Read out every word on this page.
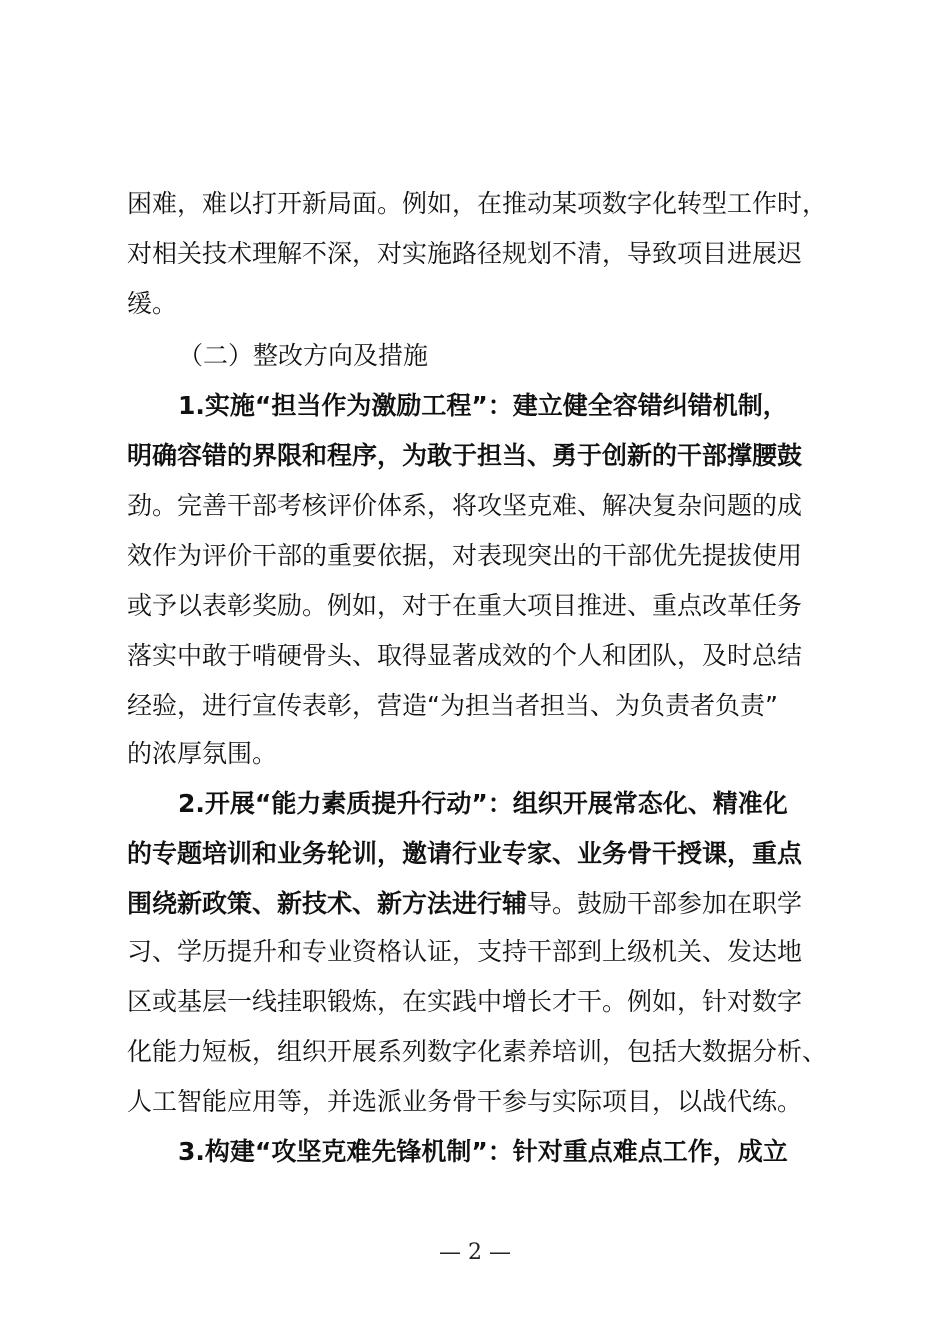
困难，难以打开新局面。例如，在推动某项数字化转型工作时，
对相关技术理解不深，对实施路径规划不清，导致项目进展迟
缓。
（二）整改方向及措施
1.实施“担当作为激励工程”：建立健全容错纠错机制，
明确容错的界限和程序，为敢于担当、勇于创新的干部撑腰鼓
劲。完善干部考核评价体系，将攻坚克难、解决复杂问题的成
效作为评价干部的重要依据，对表现突出的干部优先提拔使用
或予以表彰奖励。例如，对于在重大项目推进、重点改革任务
落实中敢于啃硬骨头、取得显著成效的个人和团队，及时总结
经验，进行宣传表彰，营造“为担当者担当、为负责者负责”
的浓厚氛围。
2.开展“能力素质提升行动”：组织开展常态化、精准化
的专题培训和业务轮训，邀请行业专家、业务骨干授课，重点
围绕新政策、新技术、新方法进行辅导。鼓励干部参加在职学
习、学历提升和专业资格认证，支持干部到上级机关、发达地
区或基层一线挂职锻炼，在实践中增长才干。例如，针对数字
化能力短板，组织开展系列数字化素养培训，包括大数据分析、
人工智能应用等，并选派业务骨干参与实际项目，以战代练。
3.构建“攻坚克难先锋机制”：针对重点难点工作，成立
— 2 —
